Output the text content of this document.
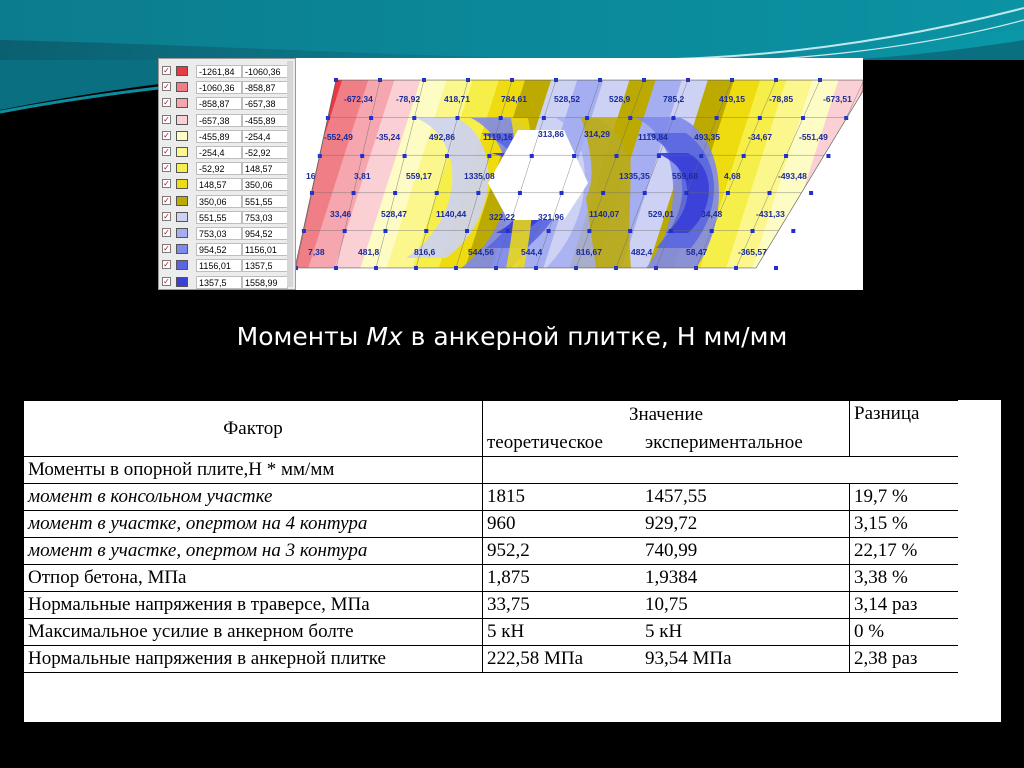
✓	-1261,84	-1060,36
✓	-1060,36	-858,87
✓	-858,87	-657,38
✓	-657,38	-455,89
✓	-455,89	-254,4
✓	-254,4	-52,92
✓	-52,92	148,57
✓	148,57	350,06
✓	350,06	551,55
✓	551,55	753,03
✓	753,03	954,52
✓	954,52	1156,01
✓	1156,01	1357,5
✓	1357,5	1558,99
-672,34	-78,92	418,71	784,61	528,52	528,9	785,2	419,15	-78,85	-673,51
-552,49	-35,24	492,86	1119,16	313,86 314,29	1119,84	493,35	-34,67	-551,49
16	3,81	559,17	1335,08	1335,35	559,68	4,68	-493,48
33,46	528,47	1140,44	322,22	321,96	1140,07	529,01	34,48	-431,33
7,38	481,8	816,6	544,56	544,4	816,67	482,4	58,47	-365,57
Моменты Mx в анкерной плитке, Н мм/мм
Фактор	Значение		Разница
	теоретическое	экспериментальное	
Моменты в опорной плите,Н * мм/мм			
момент в консольном участке	1815	1457,55	19,7 %
момент в участке, опертом на 4 контура	960	929,72	3,15 %
момент в участке, опертом на 3 контура	952,2	740,99	22,17 %
Отпор бетона, МПа	1,875	1,9384	3,38 %
Нормальные напряжения в траверсе, МПа	33,75	10,75	3,14 раз
Максимальное усилие в анкерном болте	5 кН	5 кН	0 %
Нормальные напряжения в анкерной плитке	222,58 МПа	93,54 МПа	2,38 раз
